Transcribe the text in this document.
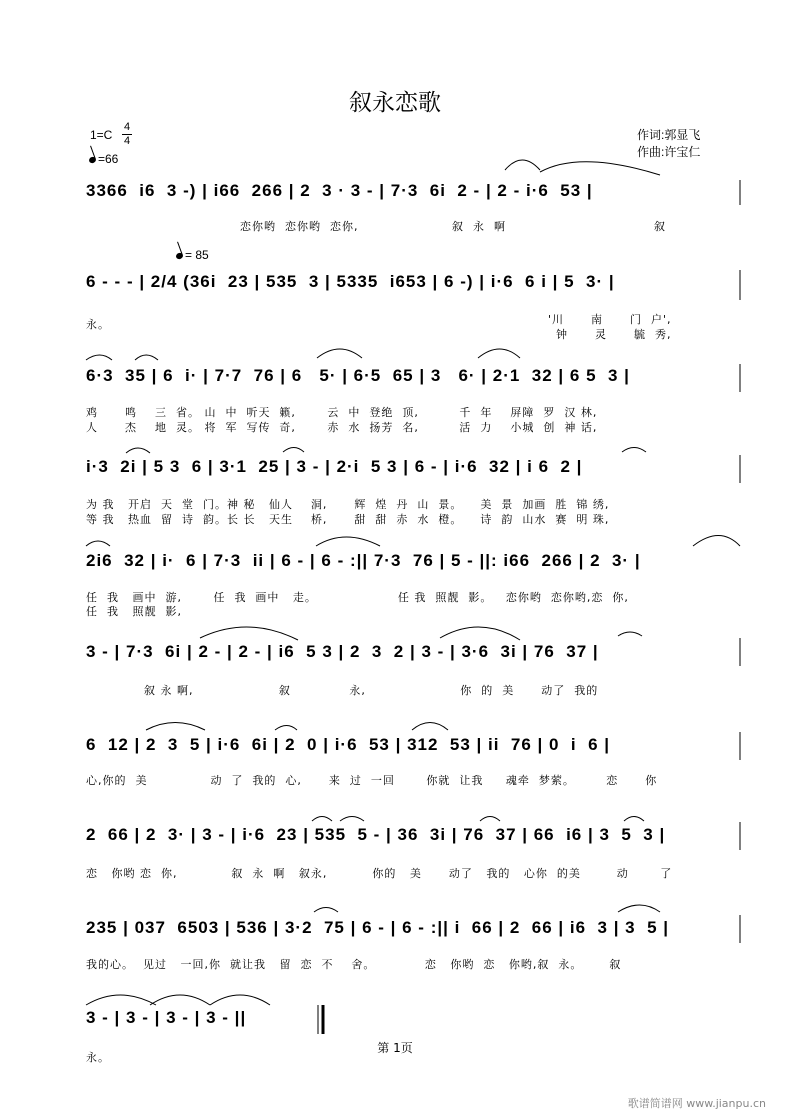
叙永恋歌
1=C
4
4
=66
= 85
作词:郭显飞
作曲:许宝仁
3366  i6  3 -) | i66  266 | 2  3 · 3 - | 7·3  6i  2 - | 2 - i·6  53 |
恋你哟  恋你哟  恋你,	叙  永  啊	叙
6 - - - | 2/4 (36i  23 | 535  3 | 5335  i653 | 6 -) | i·6  6 i | 5  3· |
永。	'川      南      门  户',
钟      灵      毓  秀,
6·3  35 | 6  i· | 7·7  76 | 6   5· | 6·5  65 | 3   6· | 2·1  32 | 6 5  3 |
鸡      鸣    三  省。 山  中  听天  籁,       云  中  登绝  顶,         千  年    屏障  罗  汉 林,
人      杰    地  灵。 将  军  写传  奇,       赤  水  扬芳  名,         活  力    小城  创  神 话,
i·3  2i | 5 3  6 | 3·1  25 | 3 - | 2·i  5 3 | 6 - | i·6  32 | i 6  2 |
为 我   开启  天  堂  门。神 秘   仙人    洞,      辉  煌  丹  山  景。    美  景  加画  胜  锦 绣,
等 我   热血  留  诗  韵。长 长   天生    桥,      甜  甜  赤  水  橙。    诗  韵  山水  赛  明 珠,
2i6  32 | i·  6 | 7·3  ii | 6 - | 6 - :|| 7·3  76 | 5 - ||: i66  266 | 2  3· |
任  我   画中  游,       任  我  画中   走。                  任 我  照靓  影。   恋你哟  恋你哟,恋  你,
任  我   照靓  影,
3 - | 7·3  6i | 2 - | 2 - | i6  5 3 | 2  3  2 | 3 - | 3·6  3i | 76  37 |
叙 永 啊,                   叙             永,                     你  的  美      动了  我的
6  12 | 2  3  5 | i·6  6i | 2  0 | i·6  53 | 312  53 | ii  76 | 0  i  6 |
心,你的  美              动  了  我的  心,      来  过  一回       你就  让我     魂牵  梦萦。       恋      你
2  66 | 2  3· | 3 - | i·6  23 | 535  5 - | 36  3i | 76  37 | 66  i6 | 3  5  3 |
恋   你哟 恋  你,            叙  永  啊   叙永,          你的   美      动了   我的   心你  的美        动       了
235 | 037  6503 | 536 | 3·2  75 | 6 - | 6 - :|| i  66 | 2  66 | i6  3 | 3  5 |
我的心。  见过   一回,你  就让我   留  恋  不    舍。           恋   你哟  恋   你哟,叙  永。      叙
3 - | 3 - | 3 - | 3 - ||
永。
第 1页
歌谱简谱网 www.jianpu.cn
